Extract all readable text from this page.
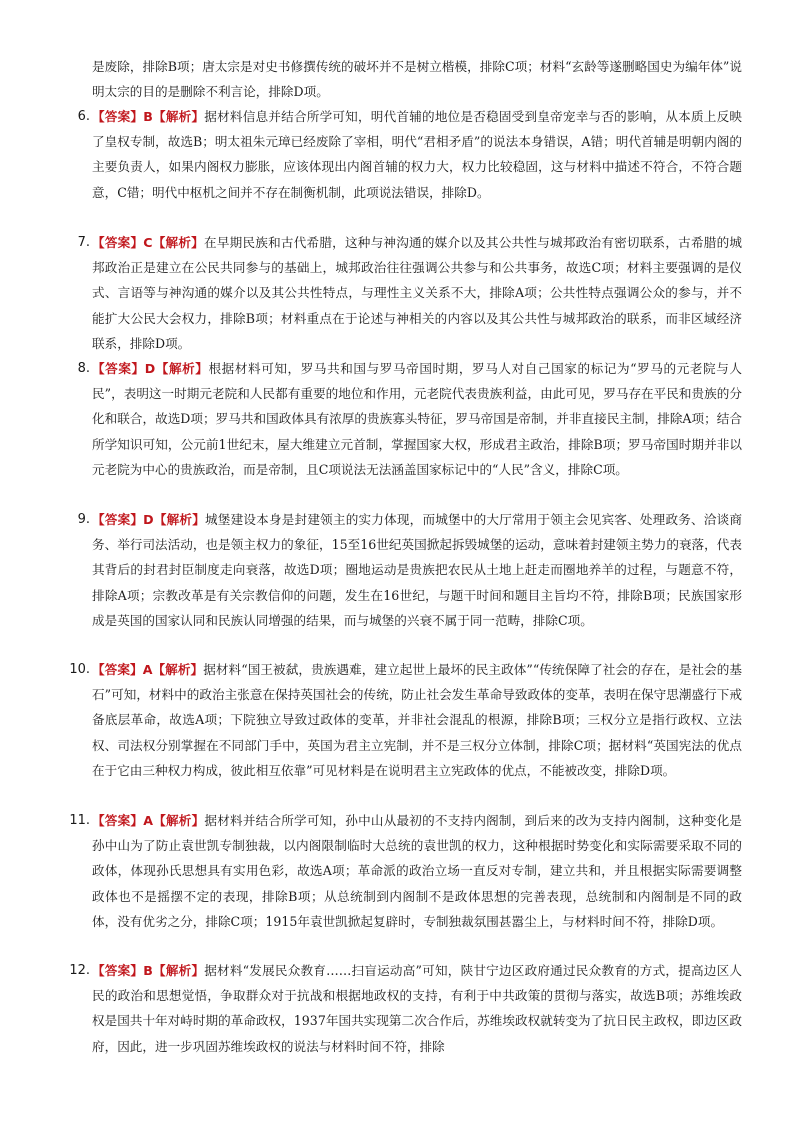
是废除，排除B项；唐太宗是对史书修撰传统的破坏并不是树立楷模，排除C项；材料“玄龄等遂删略国史为编年体”说明太宗的目的是删除不利言论，排除D项。
6. 【答案】B【解析】据材料信息并结合所学可知，明代首辅的地位是否稳固受到皇帝宠幸与否的影响，从本质上反映了皇权专制，故选B；明太祖朱元璋已经废除了宰相，明代“君相矛盾”的说法本身错误，A错；明代首辅是明朝内阁的主要负责人，如果内阁权力膨胀，应该体现出内阁首辅的权力大，权力比较稳固，这与材料中描述不符合，不符合题意，C错；明代中枢机之间并不存在制衡机制，此项说法错误，排除D。
7. 【答案】C【解析】在早期民族和古代希腊，这种与神沟通的媒介以及其公共性与城邦政治有密切联系，古希腊的城邦政治正是建立在公民共同参与的基础上，城邦政治往往强调公共参与和公共事务，故选C项；材料主要强调的是仪式、言语等与神沟通的媒介以及其公共性特点，与理性主义关系不大，排除A项；公共性特点强调公众的参与，并不能扩大公民大会权力，排除B项；材料重点在于论述与神相关的内容以及其公共性与城邦政治的联系，而非区域经济联系，排除D项。
8. 【答案】D【解析】根据材料可知，罗马共和国与罗马帝国时期，罗马人对自己国家的标记为“罗马的元老院与人民”，表明这一时期元老院和人民都有重要的地位和作用，元老院代表贵族利益，由此可见，罗马存在平民和贵族的分化和联合，故选D项；罗马共和国政体具有浓厚的贵族寡头特征，罗马帝国是帝制，并非直接民主制，排除A项；结合所学知识可知，公元前1世纪末，屋大维建立元首制，掌握国家大权，形成君主政治，排除B项；罗马帝国时期并非以元老院为中心的贵族政治，而是帝制，且C项说法无法涵盖国家标记中的“人民”含义，排除C项。
9. 【答案】D【解析】城堡建设本身是封建领主的实力体现，而城堡中的大厅常用于领主会见宾客、处理政务、洽谈商务、举行司法活动，也是领主权力的象征，15至16世纪英国掀起拆毁城堡的运动，意味着封建领主势力的衰落，代表其背后的封君封臣制度走向衰落，故选D项；圈地运动是贵族把农民从土地上赶走而圈地养羊的过程，与题意不符，排除A项；宗教改革是有关宗教信仰的问题，发生在16世纪，与题干时间和题目主旨均不符，排除B项；民族国家形成是英国的国家认同和民族认同增强的结果，而与城堡的兴衰不属于同一范畴，排除C项。
10. 【答案】A【解析】据材料“国王被弑，贵族遇难，建立起世上最坏的民主政体”“传统保障了社会的存在，是社会的基石”可知，材料中的政治主张意在保持英国社会的传统，防止社会发生革命导致政体的变革，表明在保守思潮盛行下戒备底层革命，故选A项；下院独立导致过政体的变革，并非社会混乱的根源，排除B项；三权分立是指行政权、立法权、司法权分别掌握在不同部门手中，英国为君主立宪制，并不是三权分立体制，排除C项；据材料“英国宪法的优点在于它由三种权力构成，彼此相互依靠”可见材料是在说明君主立宪政体的优点，不能被改变，排除D项。
11. 【答案】A【解析】据材料并结合所学可知，孙中山从最初的不支持内阁制，到后来的改为支持内阁制，这种变化是孙中山为了防止袁世凯专制独裁，以内阁限制临时大总统的袁世凯的权力，这种根据时势变化和实际需要采取不同的政体，体现孙氏思想具有实用色彩，故选A项；革命派的政治立场一直反对专制，建立共和，并且根据实际需要调整政体也不是摇摆不定的表现，排除B项；从总统制到内阁制不是政体思想的完善表现，总统制和内阁制是不同的政体，没有优劣之分，排除C项；1915年袁世凯掀起复辟时，专制独裁氛围甚嚣尘上，与材料时间不符，排除D项。
12. 【答案】B【解析】据材料“发展民众教育……扫盲运动高”可知，陕甘宁边区政府通过民众教育的方式，提高边区人民的政治和思想觉悟，争取群众对于抗战和根据地政权的支持，有利于中共政策的贯彻与落实，故选B项；苏维埃政权是国共十年对峙时期的革命政权，1937年国共实现第二次合作后，苏维埃政权就转变为了抗日民主政权，即边区政府，因此，进一步巩固苏维埃政权的说法与材料时间不符，排除
